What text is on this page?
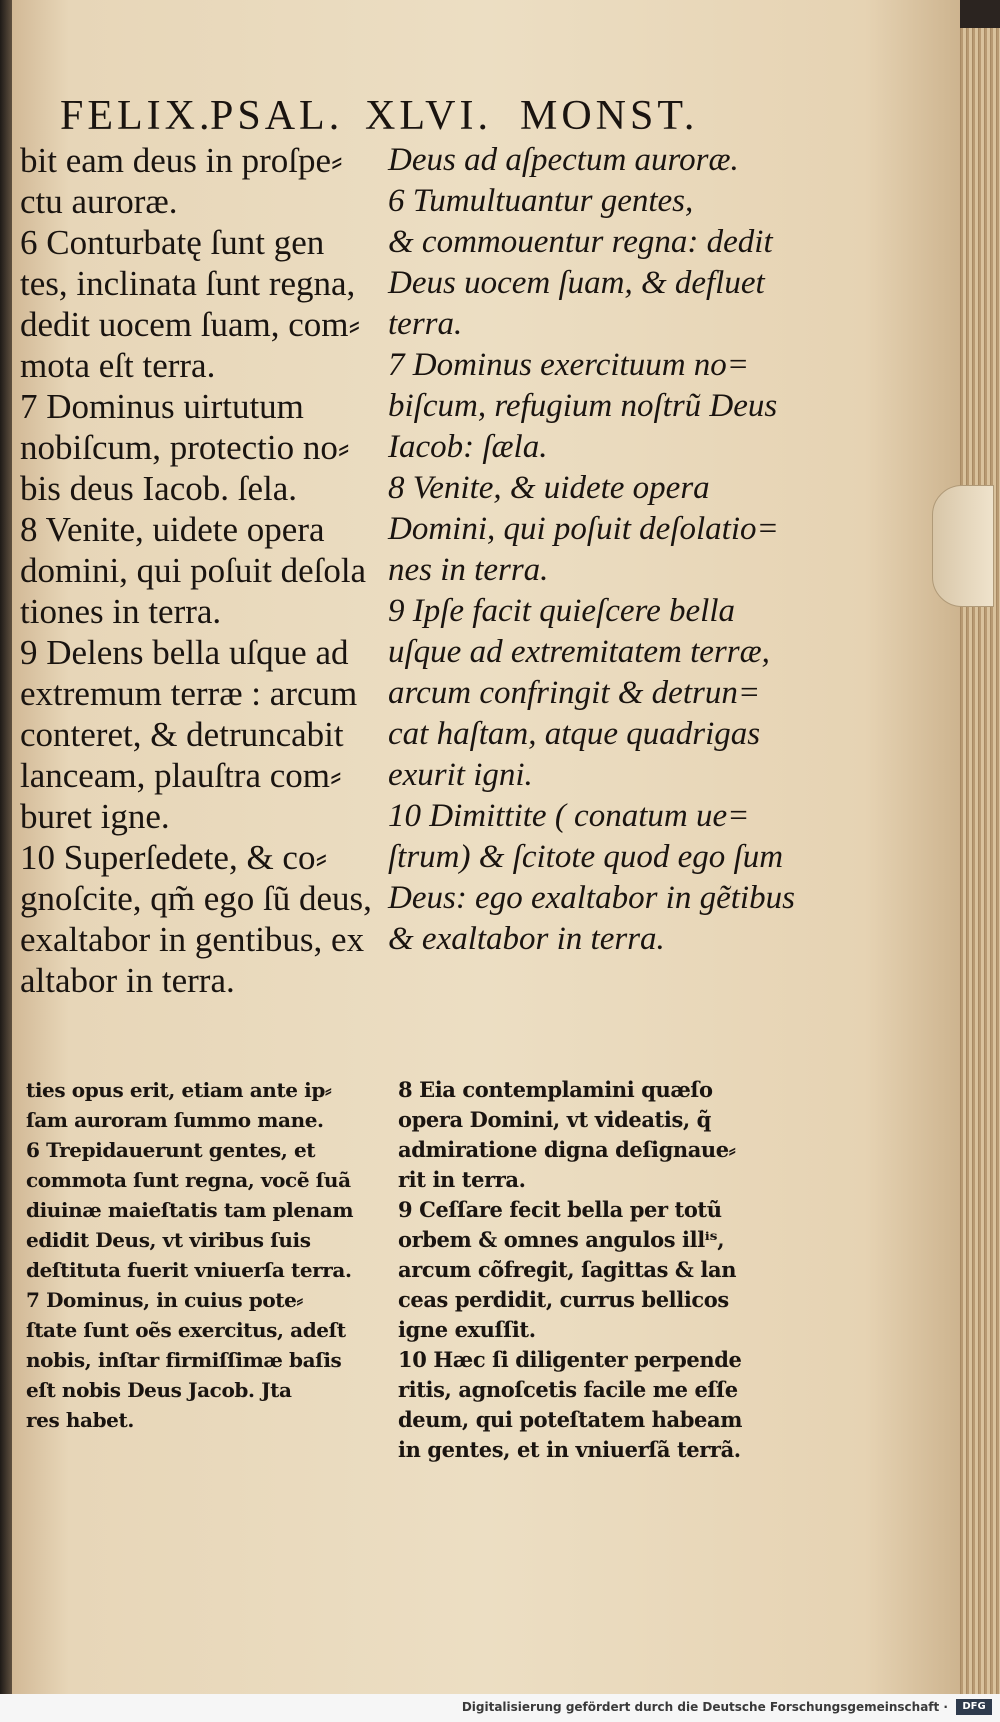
FELIX.
PSAL. XLVI. MONST.
bit eam deus in proſpe⸗
ctu auroræ.
6 Conturbatę ſunt gen
tes, inclinata ſunt regna,
dedit uocem ſuam, com⸗
mota eſt terra.
7 Dominus uirtutum
nobiſcum, protectio no⸗
bis deus Iacob. ſela.
8 Venite, uidete opera
domini, qui poſuit deſola
tiones in terra.
9 Delens bella uſque ad
extremum terræ : arcum
conteret, & detruncabit
lanceam, plauſtra com⸗
buret igne.
10 Superſedete, & co⸗
gnoſcite, qm̃ ego ſũ deus,
exaltabor in gentibus, ex
altabor in terra.
Deus ad aſpectum auroræ.
6 Tumultuantur gentes,
& commouentur regna: dedit
Deus uocem ſuam, & defluet
terra.
7 Dominus exercituum no=
biſcum, refugium noſtrũ Deus
Iacob: ſæla.
8 Venite, & uidete opera
Domini, qui poſuit deſolatio=
nes in terra.
9 Ipſe facit quieſcere bella
uſque ad extremitatem terræ,
arcum confringit & detrun=
cat haſtam, atque quadrigas
exurit igni.
10 Dimittite ( conatum ue=
ſtrum) & ſcitote quod ego ſum
Deus: ego exaltabor in gẽtibus
& exaltabor in terra.
ties opus erit, etiam ante ip⸗
ſam auroram ſummo mane.
6 Trepidauerunt gentes, et
commota ſunt regna, vocẽ ſuã
diuinæ maieſtatis tam plenam
edidit Deus, vt viribus ſuis
deſtituta fuerit vniuerſa terra.
7 Dominus, in cuius pote⸗
ſtate ſunt oẽs exercitus, adeſt
nobis, inſtar firmiſſimæ baſis
eſt nobis Deus Jacob. Jta
res habet.
8 Eia contemplamini quæſo
opera Domini, vt videatis, q̃
admiratione digna deſignaue⸗
rit in terra.
9 Ceſſare fecit bella per totũ
orbem & omnes angulos illⁱˢ,
arcum cõfregit, ſagittas & lan
ceas perdidit, currus bellicos
igne exuſſit.
10 Hæc ſi diligenter perpende
ritis, agnoſcetis facile me eſſe
deum, qui poteſtatem habeam
in gentes, et in vniuerſã terrã.
Digitalisierung gefördert durch die Deutsche Forschungsgemeinschaft ·	DFG
